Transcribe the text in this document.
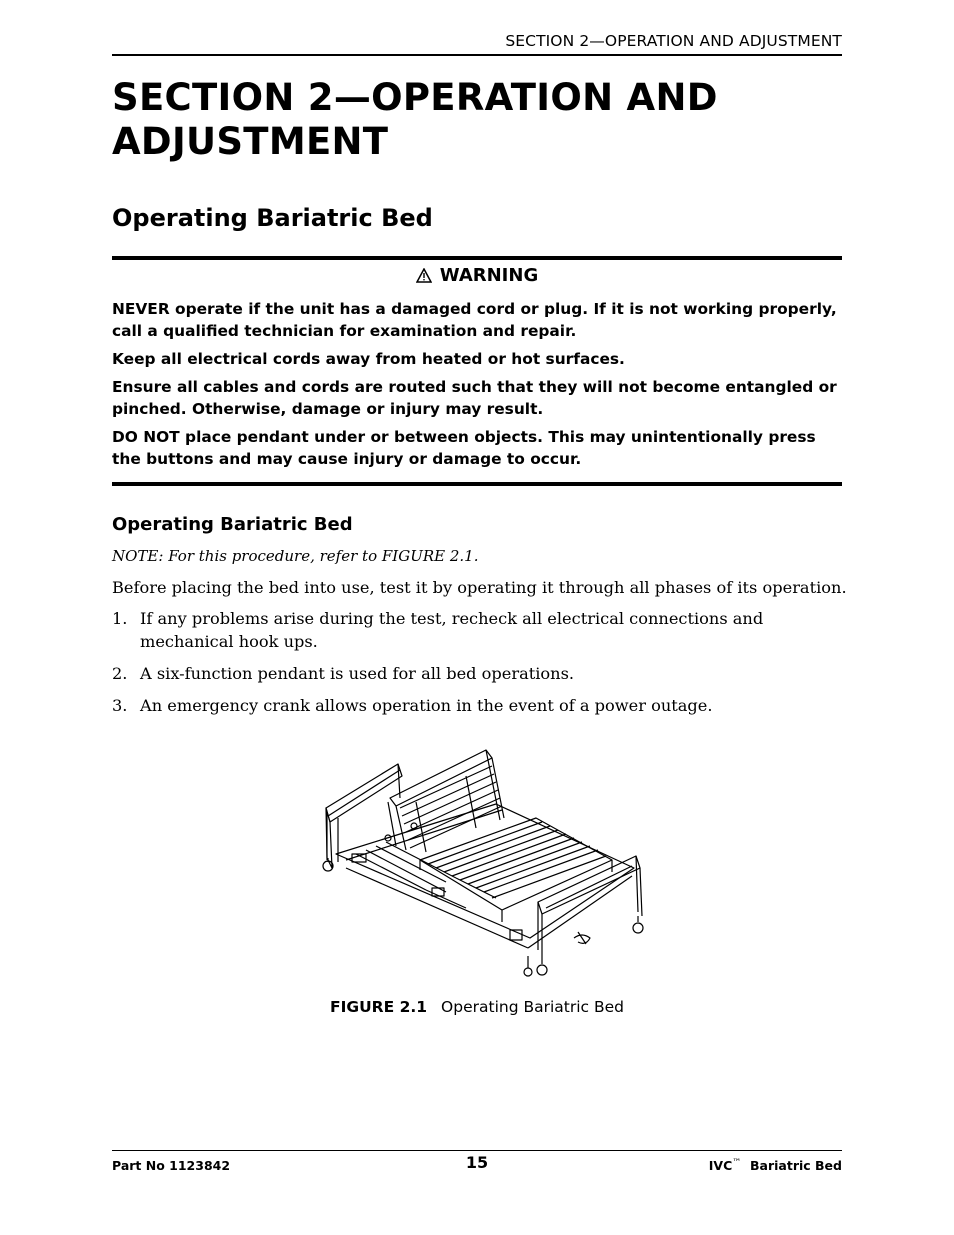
SECTION 2—OPERATION AND ADJUSTMENT
SECTION 2—OPERATION AND
ADJUSTMENT
Operating Bariatric Bed
WARNING

NEVER operate if the unit has a damaged cord or plug. If it is not working properly, call a qualified technician for examination and repair.

Keep all electrical cords away from heated or hot surfaces.

Ensure all cables and cords are routed such that they will not become entangled or pinched. Otherwise, damage or injury may result.

DO NOT place pendant under or between objects. This may unintentionally press the buttons and may cause injury or damage to occur.

Operating Bariatric Bed

NOTE: For this procedure, refer to FIGURE 2.1.

Before placing the bed into use, test it by operating it through all phases of its operation.

1. If any problems arise during the test, recheck all electrical connections and mechanical hook ups.
2. A six-function pendant is used for all bed operations.
3. An emergency crank allows operation in the event of a power outage.
FIGURE 2.1 Operating Bariatric Bed
Part No 1123842	15	IVC™ Bariatric Bed
